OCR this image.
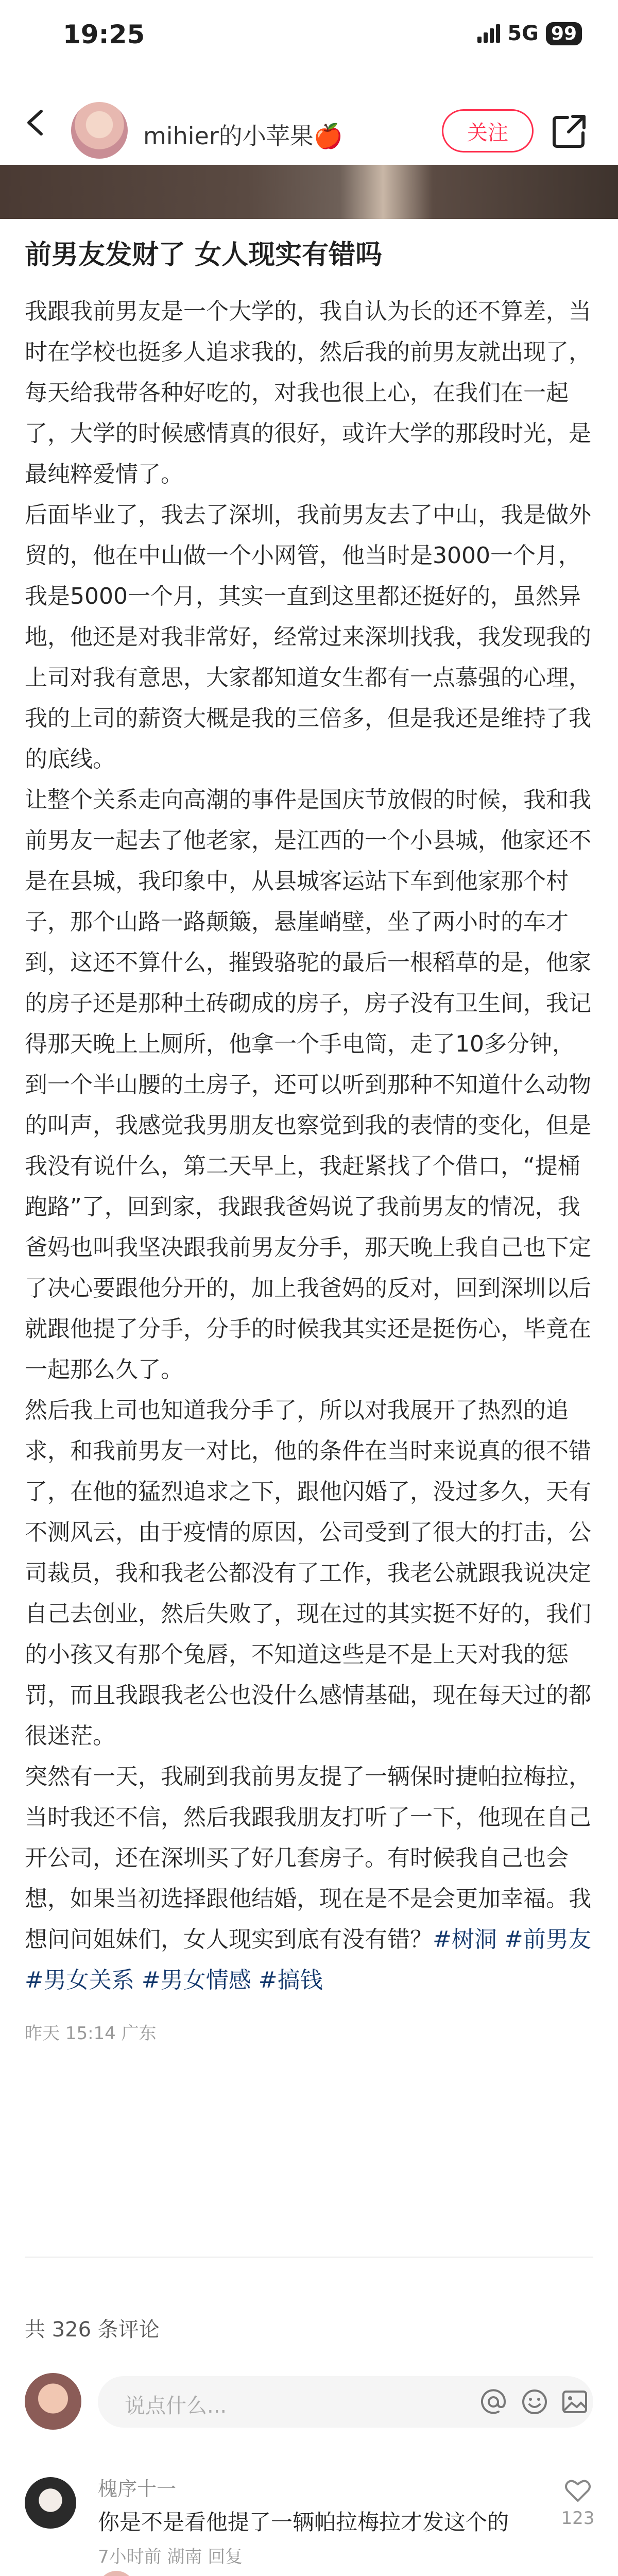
19:25	5G 99
mihier的小苹果🍎	关注
前男友发财了 女人现实有错吗
我跟我前男友是一个大学的，我自认为长的还不算差，当时在学校也挺多人追求我的，然后我的前男友就出现了，每天给我带各种好吃的，对我也很上心，在我们在一起了，大学的时候感情真的很好，或许大学的那段时光，是最纯粹爱情了。
后面毕业了，我去了深圳，我前男友去了中山，我是做外贸的，他在中山做一个小网管，他当时是3000一个月，我是5000一个月，其实一直到这里都还挺好的，虽然异地，他还是对我非常好，经常过来深圳找我，我发现我的上司对我有意思，大家都知道女生都有一点慕强的心理，我的上司的薪资大概是我的三倍多，但是我还是维持了我的底线。
让整个关系走向高潮的事件是国庆节放假的时候，我和我前男友一起去了他老家，是江西的一个小县城，他家还不是在县城，我印象中，从县城客运站下车到他家那个村子，那个山路一路颠簸，悬崖峭壁，坐了两小时的车才到，这还不算什么，摧毁骆驼的最后一根稻草的是，他家的房子还是那种土砖砌成的房子，房子没有卫生间，我记得那天晚上上厕所，他拿一个手电筒，走了10多分钟，到一个半山腰的土房子，还可以听到那种不知道什么动物的叫声，我感觉我男朋友也察觉到我的表情的变化，但是我没有说什么，第二天早上，我赶紧找了个借口，“提桶跑路”了，回到家，我跟我爸妈说了我前男友的情况，我爸妈也叫我坚决跟我前男友分手，那天晚上我自己也下定了决心要跟他分开的，加上我爸妈的反对，回到深圳以后就跟他提了分手，分手的时候我其实还是挺伤心，毕竟在一起那么久了。
然后我上司也知道我分手了，所以对我展开了热烈的追求，和我前男友一对比，他的条件在当时来说真的很不错了，在他的猛烈追求之下，跟他闪婚了，没过多久，天有不测风云，由于疫情的原因，公司受到了很大的打击，公司裁员，我和我老公都没有了工作，我老公就跟我说决定自己去创业，然后失败了，现在过的其实挺不好的，我们的小孩又有那个兔唇，不知道这些是不是上天对我的惩罚，而且我跟我老公也没什么感情基础，现在每天过的都很迷茫。
突然有一天，我刷到我前男友提了一辆保时捷帕拉梅拉，当时我还不信，然后我跟我朋友打听了一下，他现在自己开公司，还在深圳买了好几套房子。有时候我自己也会想，如果当初选择跟他结婚，现在是不是会更加幸福。我想问问姐妹们，女人现实到底有没有错？#树洞 #前男友 #男女关系 #男女情感 #搞钱
昨天 15:14 广东
共 326 条评论
说点什么...
槐序十一
你是不是看他提了一辆帕拉梅拉才发这个的
7小时前 湖南 回复
123
